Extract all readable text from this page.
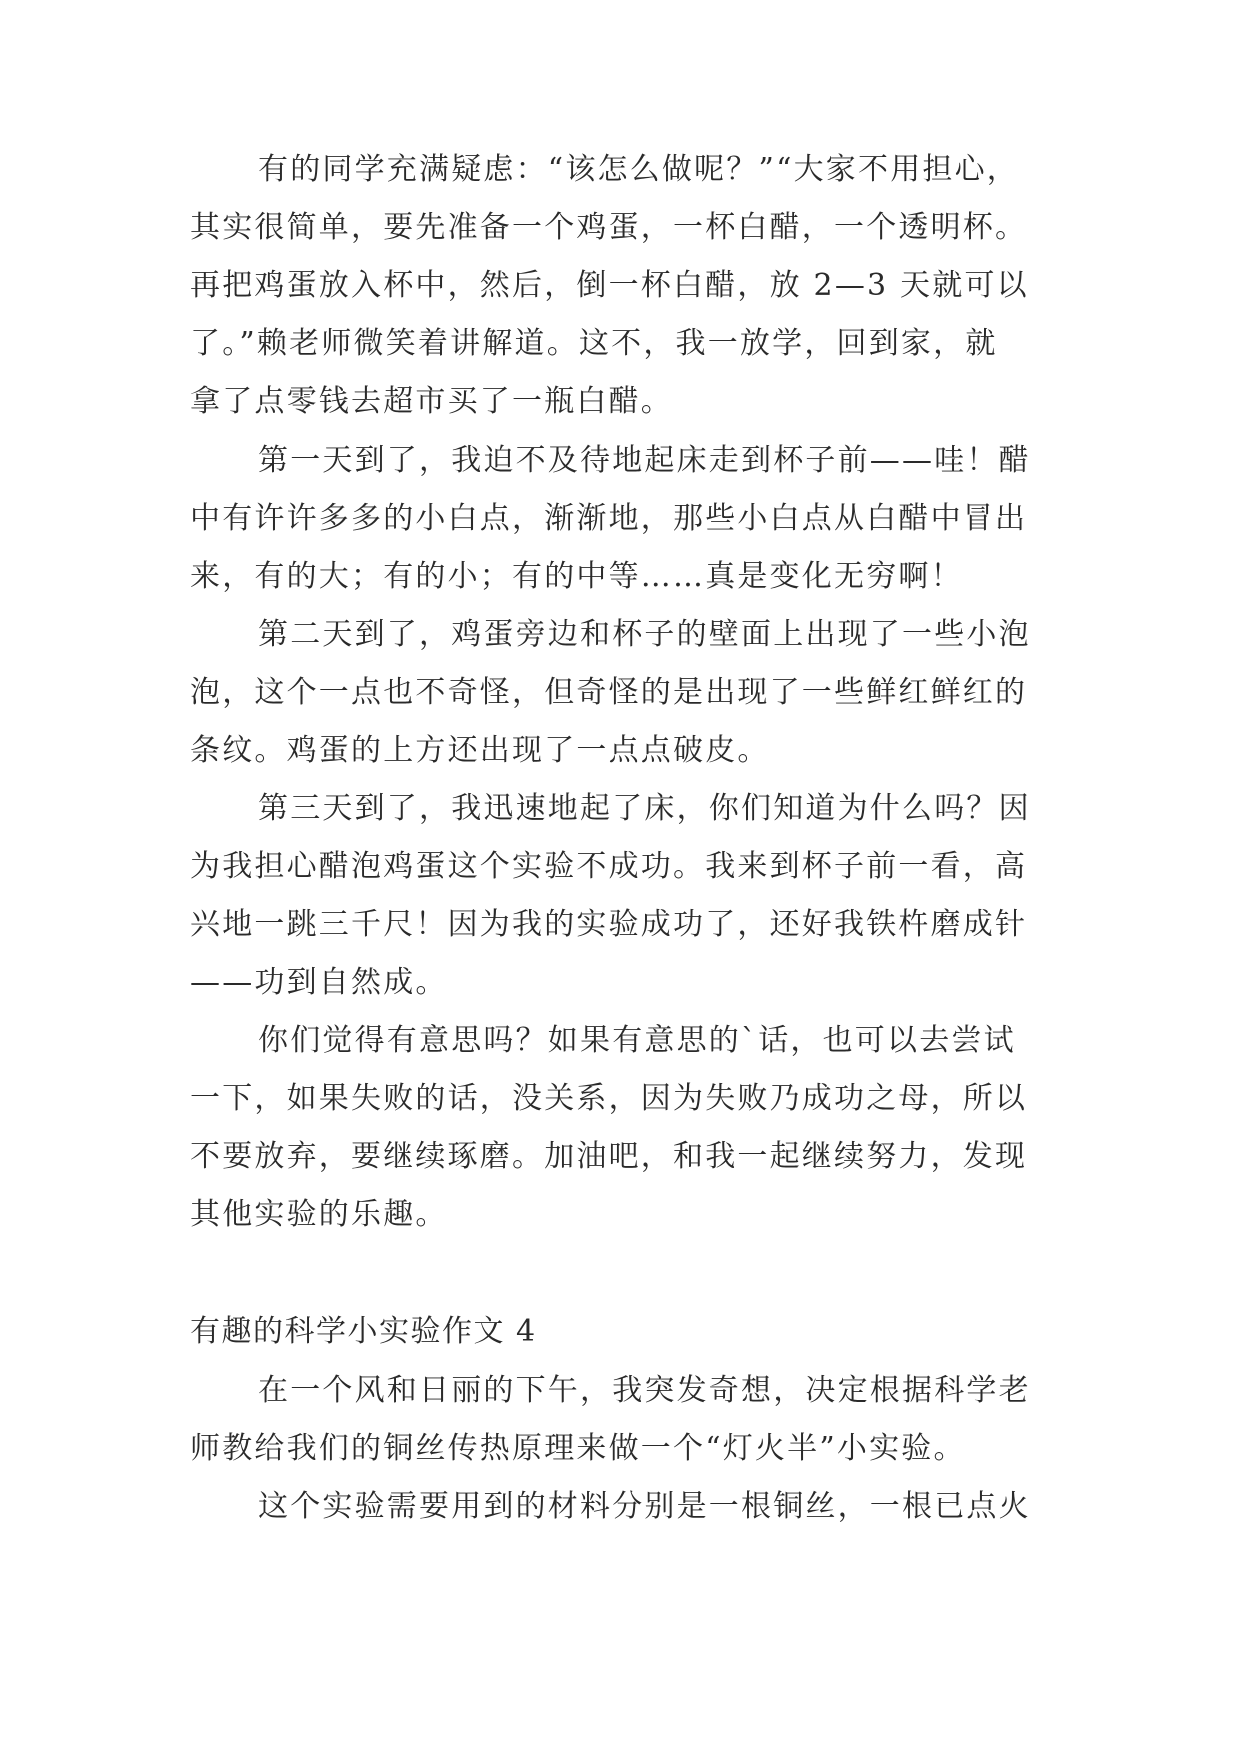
有的同学充满疑虑：“该怎么做呢？”“大家不用担心，
其实很简单，要先准备一个鸡蛋，一杯白醋，一个透明杯。
再把鸡蛋放入杯中，然后，倒一杯白醋，放 2—3 天就可以
了。”赖老师微笑着讲解道。这不，我一放学，回到家，就
拿了点零钱去超市买了一瓶白醋。
第一天到了，我迫不及待地起床走到杯子前——哇！醋
中有许许多多的小白点，渐渐地，那些小白点从白醋中冒出
来，有的大；有的小；有的中等……真是变化无穷啊！
第二天到了，鸡蛋旁边和杯子的壁面上出现了一些小泡
泡，这个一点也不奇怪，但奇怪的是出现了一些鲜红鲜红的
条纹。鸡蛋的上方还出现了一点点破皮。
第三天到了，我迅速地起了床，你们知道为什么吗？因
为我担心醋泡鸡蛋这个实验不成功。我来到杯子前一看，高
兴地一跳三千尺！因为我的实验成功了，还好我铁杵磨成针
——功到自然成。
你们觉得有意思吗？如果有意思的`话，也可以去尝试
一下，如果失败的话，没关系，因为失败乃成功之母，所以
不要放弃，要继续琢磨。加油吧，和我一起继续努力，发现
其他实验的乐趣。
有趣的科学小实验作文 4
在一个风和日丽的下午，我突发奇想，决定根据科学老
师教给我们的铜丝传热原理来做一个“灯火半”小实验。
这个实验需要用到的材料分别是一根铜丝，一根已点火
